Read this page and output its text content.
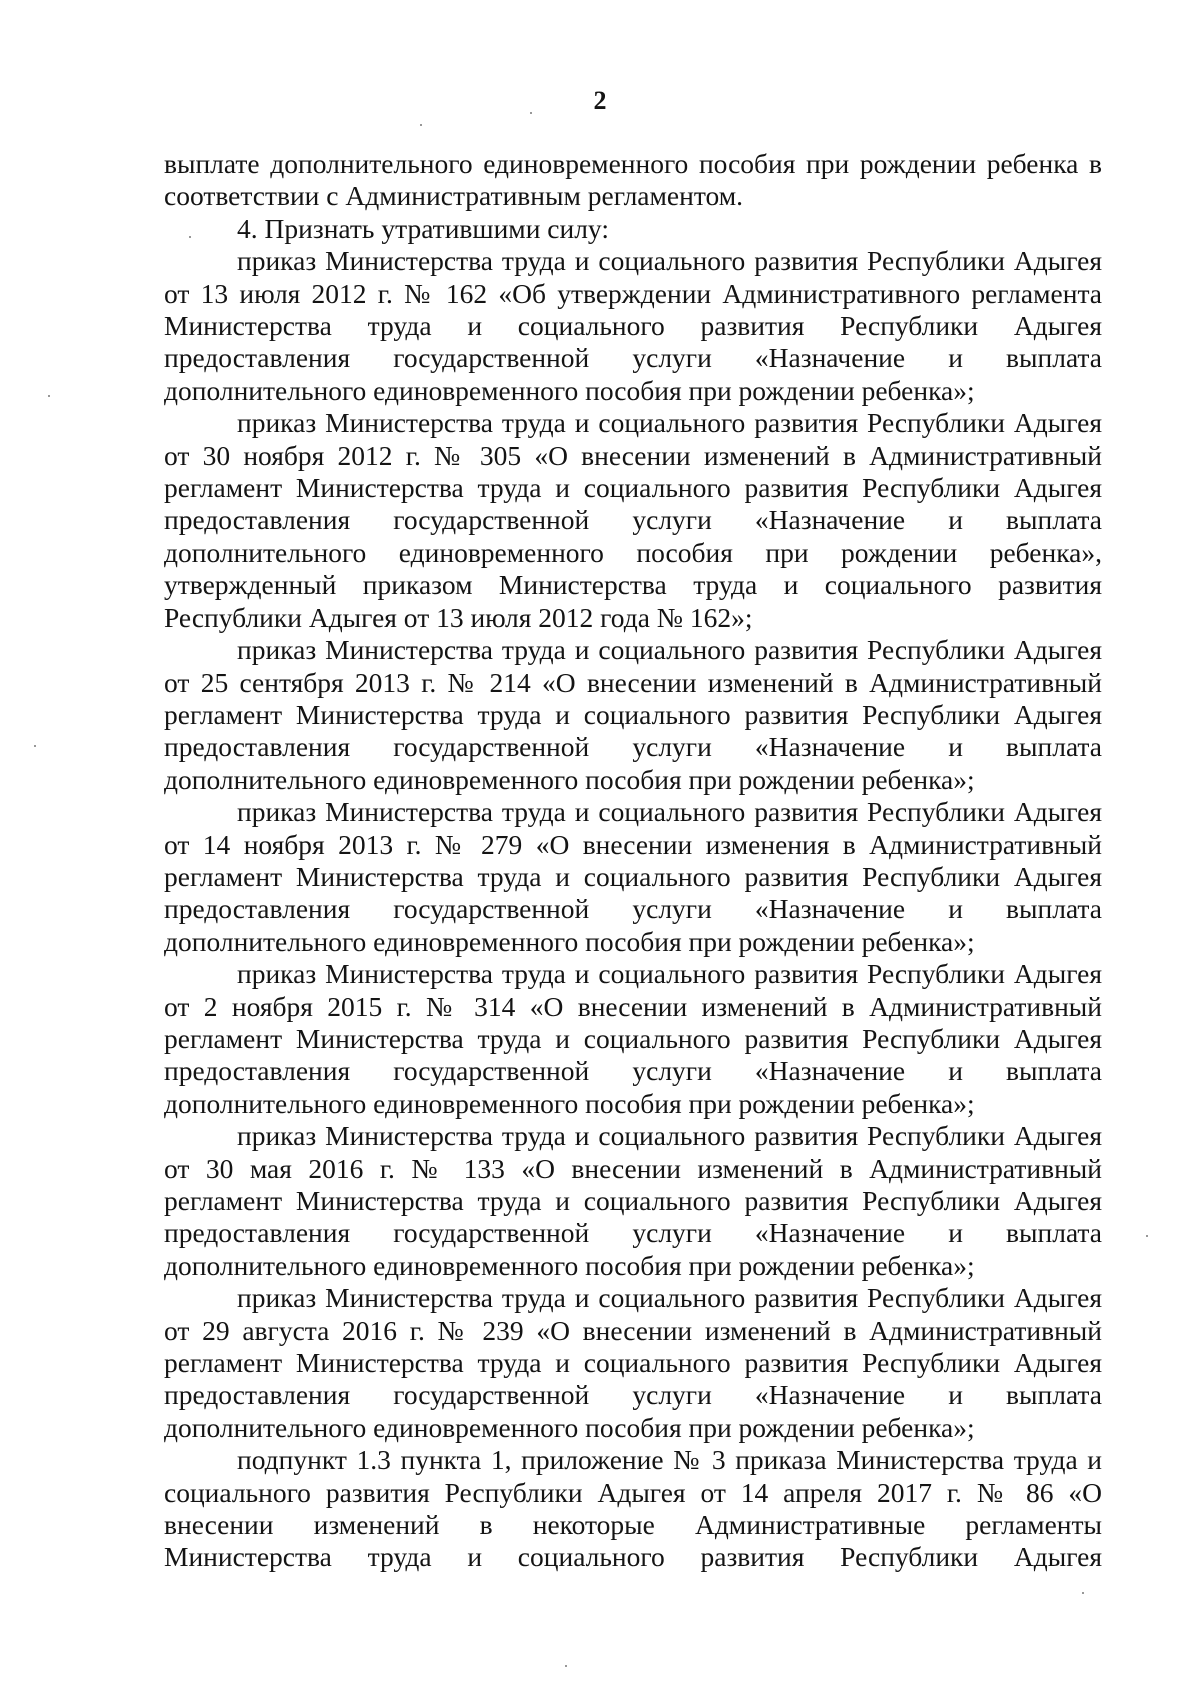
2

выплате дополнительного единовременного пособия при рождении ребенка в соответствии с Административным регламентом.

4. Признать утратившими силу:

приказ Министерства труда и социального развития Республики Адыгея от 13 июля 2012 г. № 162 «Об утверждении Административного регламента Министерства труда и социального развития Республики Адыгея предоставления государственной услуги «Назначение и выплата дополнительного единовременного пособия при рождении ребенка»;

приказ Министерства труда и социального развития Республики Адыгея от 30 ноября 2012 г. № 305 «О внесении изменений в Административный регламент Министерства труда и социального развития Республики Адыгея предоставления государственной услуги «Назначение и выплата дополнительного единовременного пособия при рождении ребенка», утвержденный приказом Министерства труда и социального развития Республики Адыгея от 13 июля 2012 года № 162»;

приказ Министерства труда и социального развития Республики Адыгея от 25 сентября 2013 г. № 214 «О внесении изменений в Административный регламент Министерства труда и социального развития Республики Адыгея предоставления государственной услуги «Назначение и выплата дополнительного единовременного пособия при рождении ребенка»;

приказ Министерства труда и социального развития Республики Адыгея от 14 ноября 2013 г. № 279 «О внесении изменения в Административный регламент Министерства труда и социального развития Республики Адыгея предоставления государственной услуги «Назначение и выплата дополнительного единовременного пособия при рождении ребенка»;

приказ Министерства труда и социального развития Республики Адыгея от 2 ноября 2015 г. № 314 «О внесении изменений в Административный регламент Министерства труда и социального развития Республики Адыгея предоставления государственной услуги «Назначение и выплата дополнительного единовременного пособия при рождении ребенка»;

приказ Министерства труда и социального развития Республики Адыгея от 30 мая 2016 г. № 133 «О внесении изменений в Административный регламент Министерства труда и социального развития Республики Адыгея предоставления государственной услуги «Назначение и выплата дополнительного единовременного пособия при рождении ребенка»;

приказ Министерства труда и социального развития Республики Адыгея от 29 августа 2016 г. № 239 «О внесении изменений в Административный регламент Министерства труда и социального развития Республики Адыгея предоставления государственной услуги «Назначение и выплата дополнительного единовременного пособия при рождении ребенка»;

подпункт 1.3 пункта 1, приложение № 3 приказа Министерства труда и социального развития Республики Адыгея от 14 апреля 2017 г. № 86 «О внесении изменений в некоторые Административные регламенты Министерства труда и социального развития Республики Адыгея
